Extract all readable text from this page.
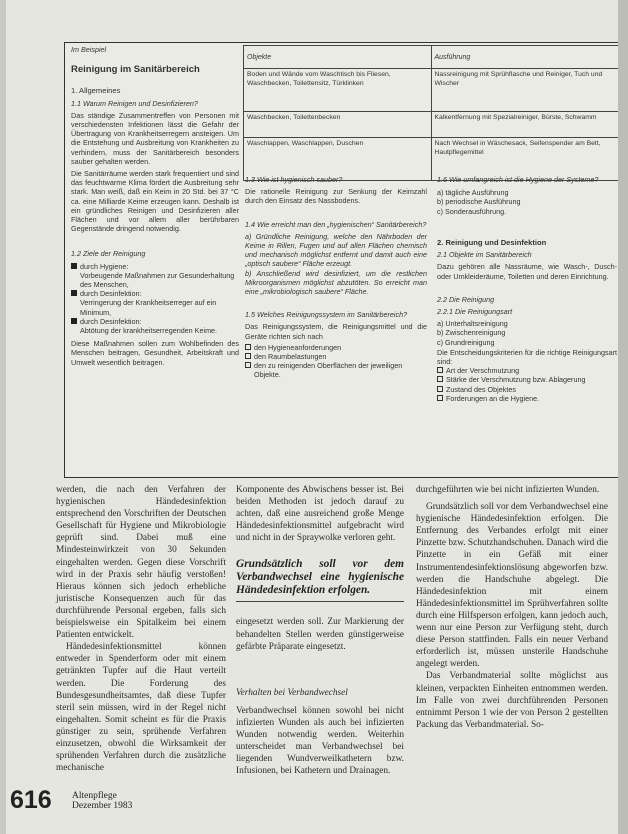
Im Beispiel
Reinigung im Sanitärbereich
1. Allgemeines
1.1 Warum Reinigen und Desinfizieren?
Das ständige Zusammentreffen von Personen mit verschiedensten Infektionen lässt die Gefahr der Übertragung von Krankheitserregern ansteigen. Um die Entstehung und Ausbreitung von Krankheiten zu verhindern, muss der Sanitärbereich besonders sauber gehalten werden.
Die Sanitärräume werden stark frequentiert und sind das feuchtwarme Klima fördert die Ausbreitung sehr stark. Man weiß, daß ein Keim in 20 Std. bei 37 °C ca. eine Milliarde Keime erzeugen kann. Deshalb ist ein gründliches Reinigen und Desinfizieren aller Flächen und vor allem aller berührbaren Gegenstände dringend notwendig.
1.2 Ziele der Reinigung
durch Hygiene:
Vorbeugende Maßnahmen zur Gesunderhaltung des Menschen,
durch Desinfektion:
Verringerung der Krankheitserreger auf ein Minimum,
durch Desinfektion:
Abtötung der krankheitserregenden Keime.
Diese Maßnahmen sollen zum Wohlbefinden des Menschen beitragen, Gesundheit, Arbeitskraft und Umwelt wesentlich beitragen.
Objekte	Ausführung
Boden und Wände vom Waschtisch bis Fliesen, Waschbecken, Toilettensitz, Türklinken	Nassreinigung mit Sprühflasche und Reiniger, Tuch und Wischer
Waschbecken, Toilettenbecken	Kalkentfernung mit Spezialreiniger, Bürste, Schwamm
Waschlappen, Waschlappen, Duschen	Nach Wechsel in Wäschesack, Seifenspender am Bett, Hautpflegemittel
1.3 Wie ist hygienisch sauber?
Die rationelle Reinigung zur Senkung der Keimzahl durch den Einsatz des Nassbodens.
1.4 Wie erreicht man den „hygienischen“ Sanitärbereich?
a) Gründliche Reinigung, welche den Nährboden der Keime in Rillen, Fugen und auf allen Flächen chemisch und mechanisch möglichst entfernt und damit auch eine „optisch saubere“ Fläche erzeugt.
b) Anschließend wird desinfiziert, um die restlichen Mikroorganismen möglichst abzutöten. So erreicht man eine „mikrobiologisch saubere“ Fläche.
1.5 Welches Reinigungssystem im Sanitärbereich?
Das Reinigungssystem, die Reinigungsmittel und die Geräte richten sich nach
den Hygieneanforderungen
den Raumbelastungen
den zu reinigenden Oberflächen der jeweiligen Objekte.
1.6 Wie umfangreich ist die Hygiene der Systeme?
a) tägliche Ausführung
b) periodische Ausführung
c) Sonderausführung.
2. Reinigung und Desinfektion
2.1 Objekte im Sanitärbereich
Dazu gehören alle Nassräume, wie Wasch-, Dusch- oder Umkleideräume, Toiletten und deren Einrichtung.
2.2 Die Reinigung
2.2.1 Die Reinigungsart
a) Unterhaltsreinigung
b) Zwischenreinigung
c) Grundreinigung
Die Entscheidungskriterien für die richtige Reinigungsart sind:
Art der Verschmutzung
Stärke der Verschmutzung bzw. Ablagerung
Zustand des Objektes
Forderungen an die Hygiene.

werden, die nach den Verfahren der hygienischen Händedesinfektion entsprechend den Vorschriften der Deutschen Gesellschaft für Hygiene und Mikrobiologie geprüft sind. Dabei muß eine Mindesteinwirkzeit von 30 Sekunden eingehalten werden. Gegen diese Vorschrift wird in der Praxis sehr häufig verstoßen! Hieraus können sich jedoch erhebliche juristische Konsequenzen auch für das durchführende Personal ergeben, falls sich beispielsweise ein Spitalkeim bei einem Patienten entwickelt.

Händedesinfektionsmittel können entweder in Spenderform oder mit einem getränkten Tupfer auf die Haut verteilt werden. Die Forderung des Bundesgesundheitsamtes, daß diese Tupfer steril sein müssen, wird in der Regel nicht eingehalten. Somit scheint es für die Praxis günstiger zu sein, sprühende Verfahren einzusetzen, obwohl die Wirksamkeit der sprühenden Verfahren durch die zusätzliche mechanische

Komponente des Abwischens besser ist. Bei beiden Methoden ist jedoch darauf zu achten, daß eine ausreichend große Menge Händedesinfektionsmittel aufgebracht wird und nicht in der Spraywolke verloren geht.

Grundsätzlich soll vor dem Verbandwechsel eine hygienische Händedesinfektion erfolgen.

eingesetzt werden soll. Zur Markierung der behandelten Stellen werden günstigerweise gefärbte Präparate eingesetzt.

Verhalten bei Verbandwechsel

Verbandwechsel können sowohl bei nicht infizierten Wunden als auch bei infizierten Wunden notwendig werden. Weiterhin unterscheidet man Verbandwechsel bei liegenden Wundverweilkathetern bzw. Infusionen, bei Kathetern und Drainagen.

durchgeführten wie bei nicht infizierten Wunden.

Grundsätzlich soll vor dem Verbandwechsel eine hygienische Händedesinfektion erfolgen. Die Entfernung des Verbandes erfolgt mit einer Pinzette bzw. Schutzhandschuhen. Danach wird die Pinzette in ein Gefäß mit einer Instrumentendesinfektionslösung abgeworfen bzw. werden die Handschuhe abgelegt. Die Händedesinfektion mit einem Händedesinfektionsmittel im Sprühverfahren sollte durch eine Hilfsperson erfolgen, kann jedoch auch, wenn nur eine Person zur Verfügung steht, durch diese Person stattfinden. Falls ein neuer Verband erforderlich ist, müssen unsterile Handschuhe angelegt werden.

Das Verbandmaterial sollte möglichst aus kleinen, verpackten Einheiten entnommen werden. Im Falle von zwei durchführenden Personen entnimmt Person 1 wie der von Person 2 gestellten Packung das Verbandmaterial. So-

616 Altenpflege
Dezember 1983
